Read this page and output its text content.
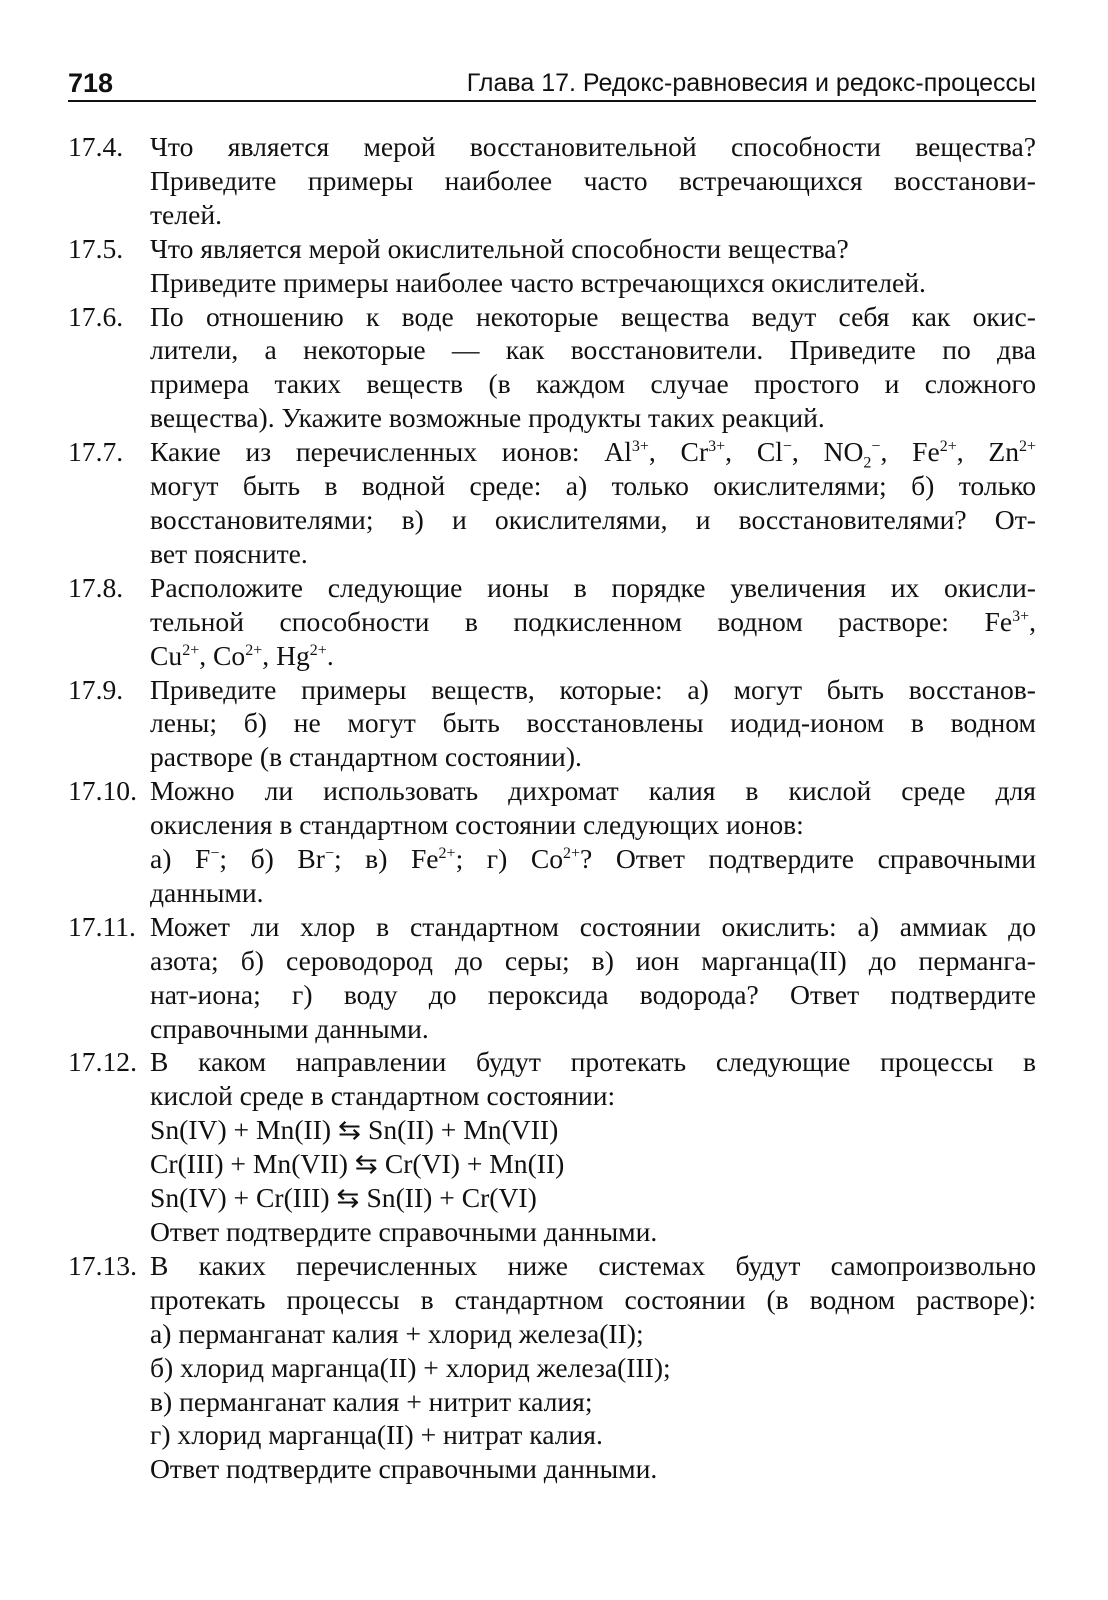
718	Глава 17. Редокс-равновесия и редокс-процессы
17.4. Что является мерой восстановительной способности вещества?
Приведите примеры наиболее часто встречающихся восстанови-
телей.
17.5. Что является мерой окислительной способности вещества?
Приведите примеры наиболее часто встречающихся окислителей.
17.6. По отношению к воде некоторые вещества ведут себя как окис-
лители, а некоторые — как восстановители. Приведите по два
примера таких веществ (в каждом случае простого и сложного
вещества). Укажите возможные продукты таких реакций.
17.7. Какие из перечисленных ионов: $Al^{3+}$, $Cr^{3+}$, Cl−, $NO_2^-$, $Fe^{2+}$, $Zn^{2+}$
могут быть в водной среде: а) только окислителями; б) только
восстановителями; в) и окислителями, и восстановителями? От-
вет поясните.
17.8. Расположите следующие ионы в порядке увеличения их окисли-
тельной способности в подкисленном водном растворе: $Fe^{3+}$,
$Cu^{2+}$, $Co^{2+}$, $Hg^{2+}$.
17.9. Приведите примеры веществ, которые: а) могут быть восстанов-
лены; б) не могут быть восстановлены иодид-ионом в водном
растворе (в стандартном состоянии).
17.10. Можно ли использовать дихромат калия в кислой среде для
окисления в стандартном состоянии следующих ионов:
а) F−; б) Br−; в) $Fe^{2+}$; г) $Co^{2+}$? Ответ подтвердите справочными
данными.
17.11. Может ли хлор в стандартном состоянии окислить: а) аммиак до
азота; б) сероводород до серы; в) ион марганца(II) до перманга-
нат-иона; г) воду до пероксида водорода? Ответ подтвердите
справочными данными.
17.12. В каком направлении будут протекать следующие процессы в
кислой среде в стандартном состоянии:
Sn(IV) + Mn(II) ⇆ Sn(II) + Mn(VII)
Cr(III) + Mn(VII) ⇆ Cr(VI) + Mn(II)
Sn(IV) + Cr(III) ⇆ Sn(II) + Cr(VI)
Ответ подтвердите справочными данными.
17.13. В каких перечисленных ниже системах будут самопроизвольно
протекать процессы в стандартном состоянии (в водном растворе):
а) перманганат калия + хлорид железа(II);
б) хлорид марганца(II) + хлорид железа(III);
в) перманганат калия + нитрит калия;
г) хлорид марганца(II) + нитрат калия.
Ответ подтвердите справочными данными.
